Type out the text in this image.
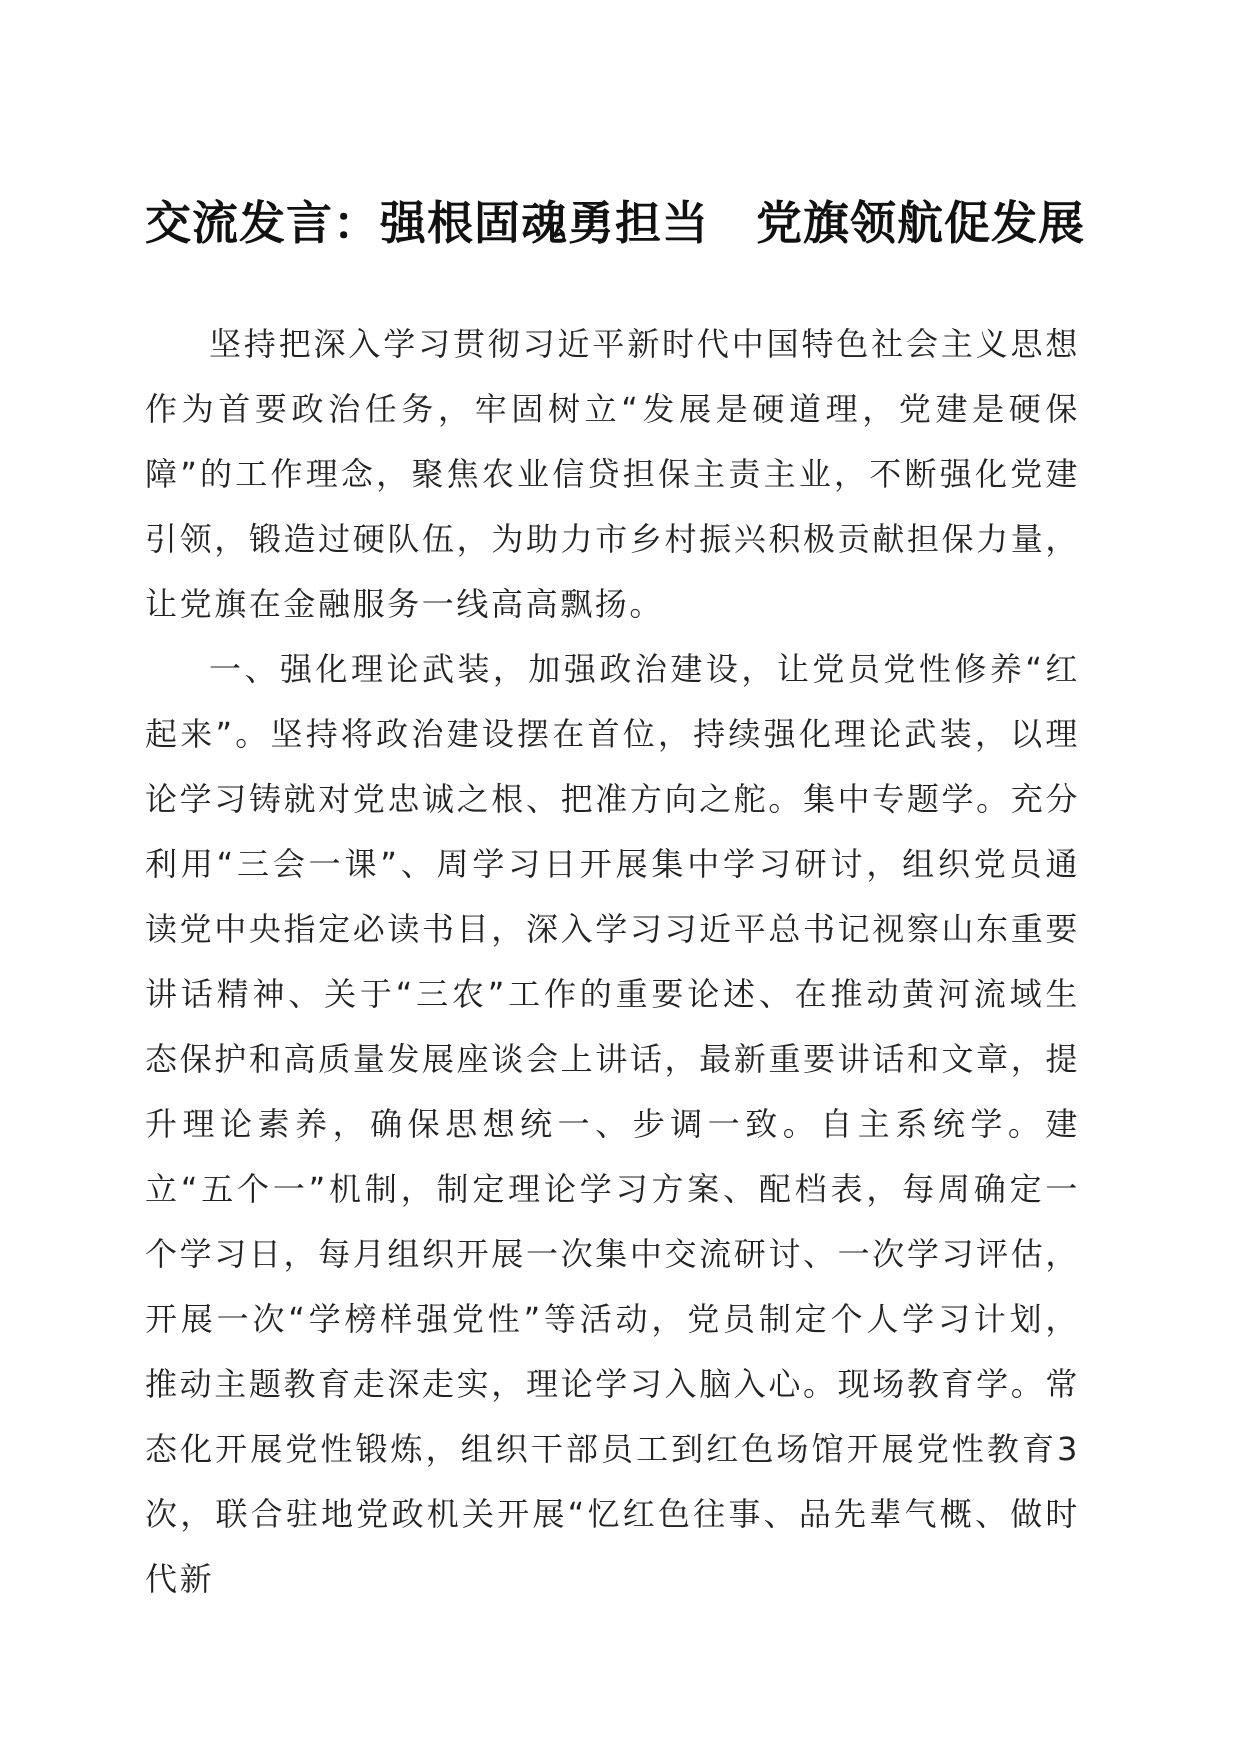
交流发言：强根固魂勇担当　党旗领航促发展

坚持把深入学习贯彻习近平新时代中国特色社会主义思想作为首要政治任务，牢固树立“发展是硬道理，党建是硬保障”的工作理念，聚焦农业信贷担保主责主业，不断强化党建引领，锻造过硬队伍，为助力市乡村振兴积极贡献担保力量，让党旗在金融服务一线高高飘扬。

一、强化理论武装，加强政治建设，让党员党性修养“红起来”。坚持将政治建设摆在首位，持续强化理论武装，以理论学习铸就对党忠诚之根、把准方向之舵。集中专题学。充分利用“三会一课”、周学习日开展集中学习研讨，组织党员通读党中央指定必读书目，深入学习习近平总书记视察山东重要讲话精神、关于“三农”工作的重要论述、在推动黄河流域生态保护和高质量发展座谈会上讲话，最新重要讲话和文章，提升理论素养，确保思想统一、步调一致。自主系统学。建立“五个一”机制，制定理论学习方案、配档表，每周确定一个学习日，每月组织开展一次集中交流研讨、一次学习评估，开展一次“学榜样强党性”等活动，党员制定个人学习计划，推动主题教育走深走实，理论学习入脑入心。现场教育学。常态化开展党性锻炼，组织干部员工到红色场馆开展党性教育3次，联合驻地党政机关开展“忆红色往事、品先辈气概、做时代新
